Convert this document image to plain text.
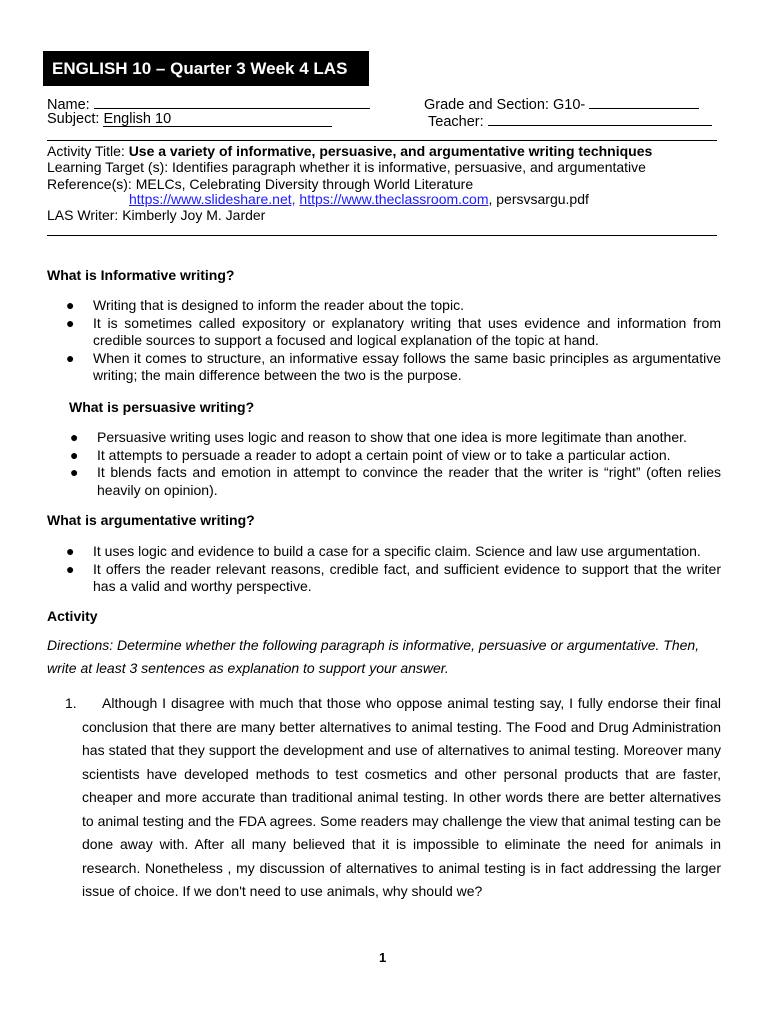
ENGLISH 10 – Quarter 3 Week 4 LAS
Name:	Grade and Section: G10-
Subject: English 10	Teacher:
Activity Title: Use a variety of informative, persuasive, and argumentative writing techniques
Learning Target (s): Identifies paragraph whether it is informative, persuasive, and argumentative
Reference(s): MELCs, Celebrating Diversity through World Literature
https://www.slideshare.net, https://www.theclassroom.com, persvsargu.pdf
LAS Writer: Kimberly Joy M. Jarder
What is Informative writing?
● Writing that is designed to inform the reader about the topic.
● It is sometimes called expository or explanatory writing that uses evidence and information from credible sources to support a focused and logical explanation of the topic at hand.
● When it comes to structure, an informative essay follows the same basic principles as argumentative writing; the main difference between the two is the purpose.
What is persuasive writing?
● Persuasive writing uses logic and reason to show that one idea is more legitimate than another.
● It attempts to persuade a reader to adopt a certain point of view or to take a particular action.
● It blends facts and emotion in attempt to convince the reader that the writer is “right” (often relies heavily on opinion).
What is argumentative writing?
● It uses logic and evidence to build a case for a specific claim. Science and law use argumentation.
● It offers the reader relevant reasons, credible fact, and sufficient evidence to support that the writer has a valid and worthy perspective.
Activity
Directions: Determine whether the following paragraph is informative, persuasive or argumentative. Then, write at least 3 sentences as explanation to support your answer.
1.	Although I disagree with much that those who oppose animal testing say, I fully endorse their final conclusion that there are many better alternatives to animal testing. The Food and Drug Administration has stated that they support the development and use of alternatives to animal testing. Moreover many scientists have developed methods to test cosmetics and other personal products that are faster, cheaper and more accurate than traditional animal testing. In other words there are better alternatives to animal testing and the FDA agrees. Some readers may challenge the view that animal testing can be done away with. After all many believed that it is impossible to eliminate the need for animals in research. Nonetheless , my discussion of alternatives to animal testing is in fact addressing the larger issue of choice. If we don't need to use animals, why should we?
1
